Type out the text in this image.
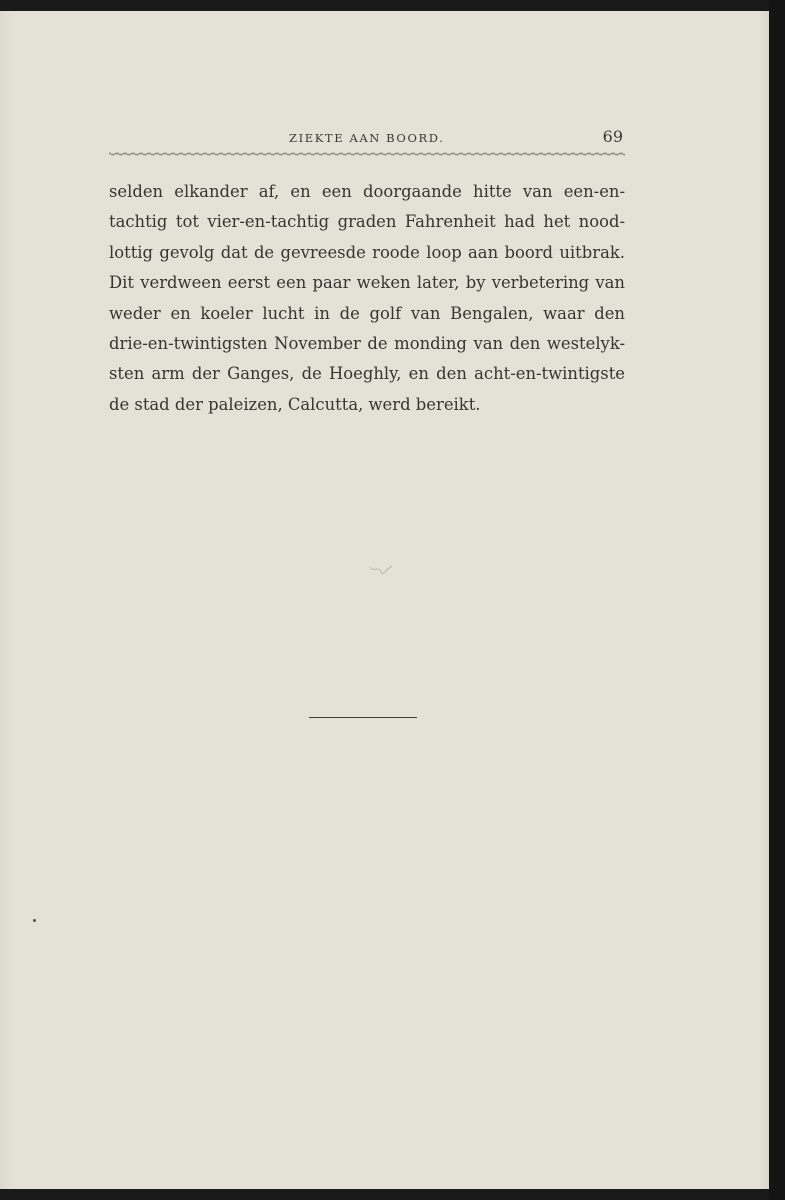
ZIEKTE AAN BOORD.	69
selden elkander af, en een doorgaande hitte van een-en-
tachtig tot vier-en-tachtig graden Fahrenheit had het nood-
lottig gevolg dat de gevreesde roode loop aan boord uitbrak.
Dit verdween eerst een paar weken later, by verbetering van
weder en koeler lucht in de golf van Bengalen, waar den
drie-en-twintigsten November de monding van den westelyk-
sten arm der Ganges, de Hoeghly, en den acht-en-twintigste
de stad der paleizen, Calcutta, werd bereikt.
